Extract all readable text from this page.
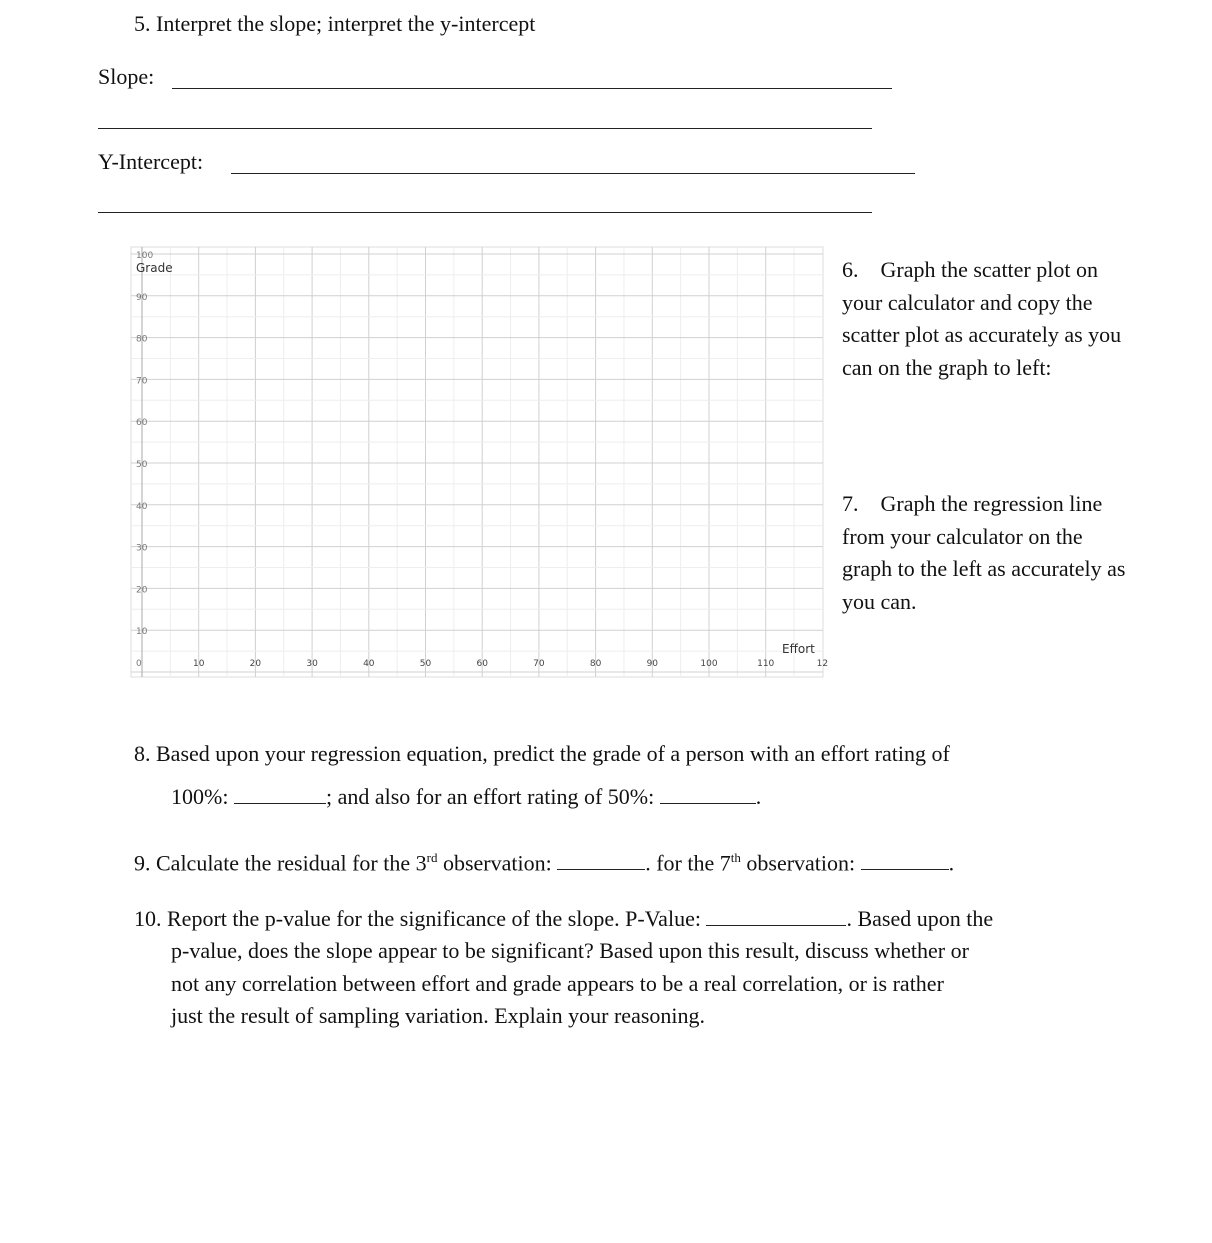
5. Interpret the slope; interpret the y-intercept
Slope:
Y-Intercept:
100
90
80
70
60
50
40
30
20
10
0	10	20	30	40	50	60	70	80	90	100	110	12
Grade
Effort
6. Graph the scatter plot on your calculator and copy the scatter plot as accurately as you can on the graph to left:
7. Graph the regression line from your calculator on the graph to the left as accurately as you can.
8. Based upon your regression equation, predict the grade of a person with an effort rating of
100%:	; and also for an effort rating of 50%:	.
9. Calculate the residual for the 3rd observation:	. for the 7th observation:	.
10. Report the p-value for the significance of the slope. P-Value:	. Based upon the
p-value, does the slope appear to be significant? Based upon this result, discuss whether or
not any correlation between effort and grade appears to be a real correlation, or is rather
just the result of sampling variation. Explain your reasoning.
